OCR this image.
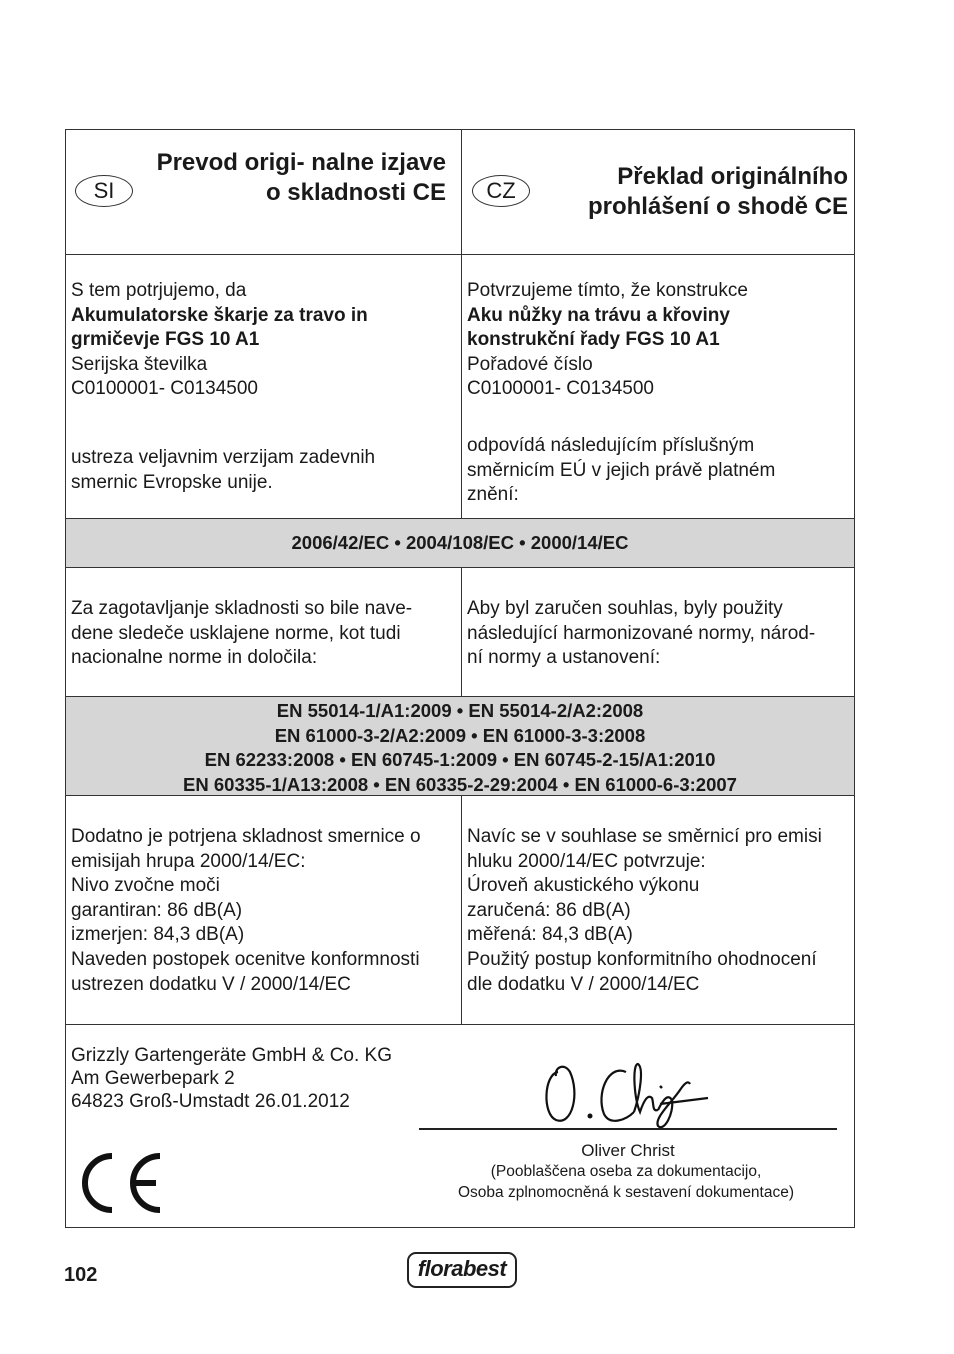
SI
Prevod origi- nalne izjave o skladnosti CE	CZ
Překlad originálního prohlášení o shodě CE
S tem potrjujemo, da
Akumulatorske škarje za travo in
grmičevje FGS 10 A1
Serijska številka
C0100001- C0134500
ustreza veljavnim verzijam zadevnih
smernic Evropske unije.
Potvrzujeme tímto, že konstrukce
Aku nůžky na trávu a křoviny
konstrukční řady FGS 10 A1
Pořadové číslo
C0100001- C0134500
odpovídá následujícím příslušným
směrnicím EÚ v jejich právě platném
znění:
2006/42/EC • 2004/108/EC • 2000/14/EC
Za zagotavljanje skladnosti so bile nave-
dene sledeče usklajene norme, kot tudi
nacionalne norme in določila:
Aby byl zaručen souhlas, byly použity
následující harmonizované normy, národ-
ní normy a ustanovení:
EN 55014-1/A1:2009 • EN 55014-2/A2:2008
EN 61000-3-2/A2:2009 • EN 61000-3-3:2008
EN 62233:2008 • EN 60745-1:2009 • EN 60745-2-15/A1:2010
EN 60335-1/A13:2008 • EN 60335-2-29:2004 • EN 61000-6-3:2007
Dodatno je potrjena skladnost smernice o
emisijah hrupa 2000/14/EC:
Nivo zvočne moči
garantiran: 86 dB(A)
izmerjen: 84,3 dB(A)
Naveden postopek ocenitve konformnosti
ustrezen dodatku V / 2000/14/EC
Navíc se v souhlase se směrnicí pro emisi
hluku 2000/14/EC potvrzuje:
Úroveň akustického výkonu
zaručená: 86 dB(A)
měřená: 84,3 dB(A)
Použitý postup konformitního ohodnocení
dle dodatku V / 2000/14/EC
Grizzly Gartengeräte GmbH & Co. KG
Am Gewerbepark 2
64823 Groß-Umstadt 26.01.2012
Oliver Christ
(Pooblaščena oseba za dokumentacijo,
Osoba zplnomocněná k sestavení dokumentace)
102	florabest
